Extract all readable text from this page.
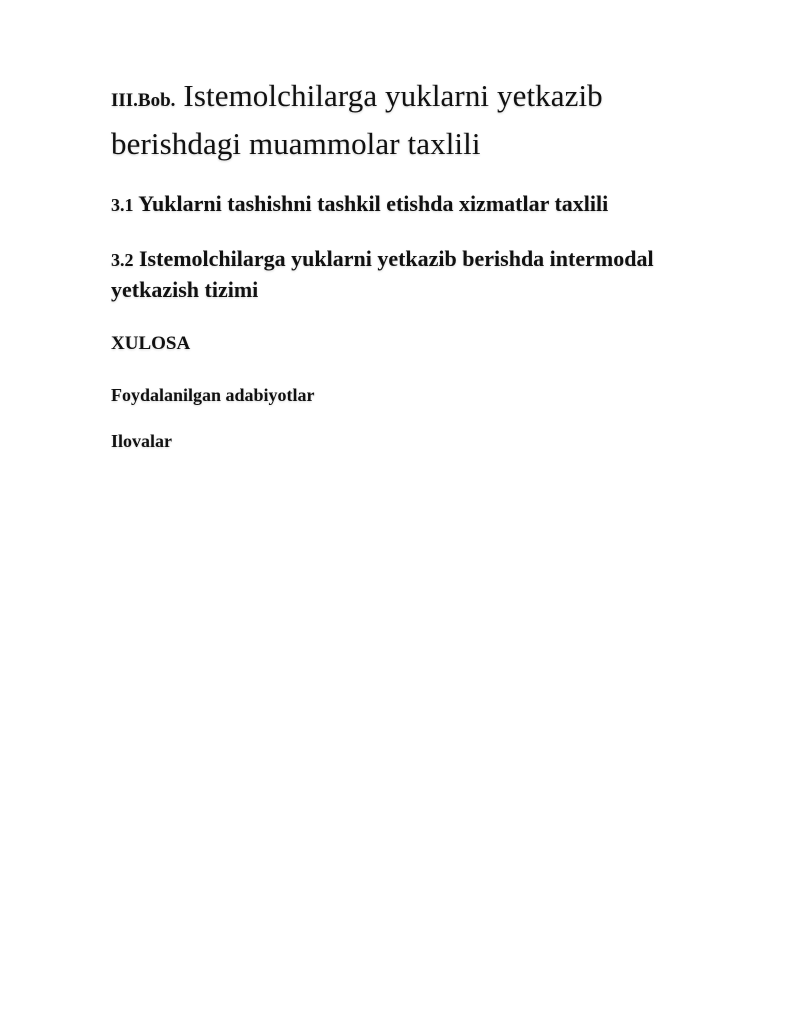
III.Bob. Istemolchilarga yuklarni yetkazib berishdagi muammolar taxlili
3.1 Yuklarni tashishni tashkil etishda xizmatlar taxlili
3.2 Istemolchilarga yuklarni yetkazib berishda intermodal yetkazish tizimi
XULOSA
Foydalanilgan adabiyotlar
Ilovalar
